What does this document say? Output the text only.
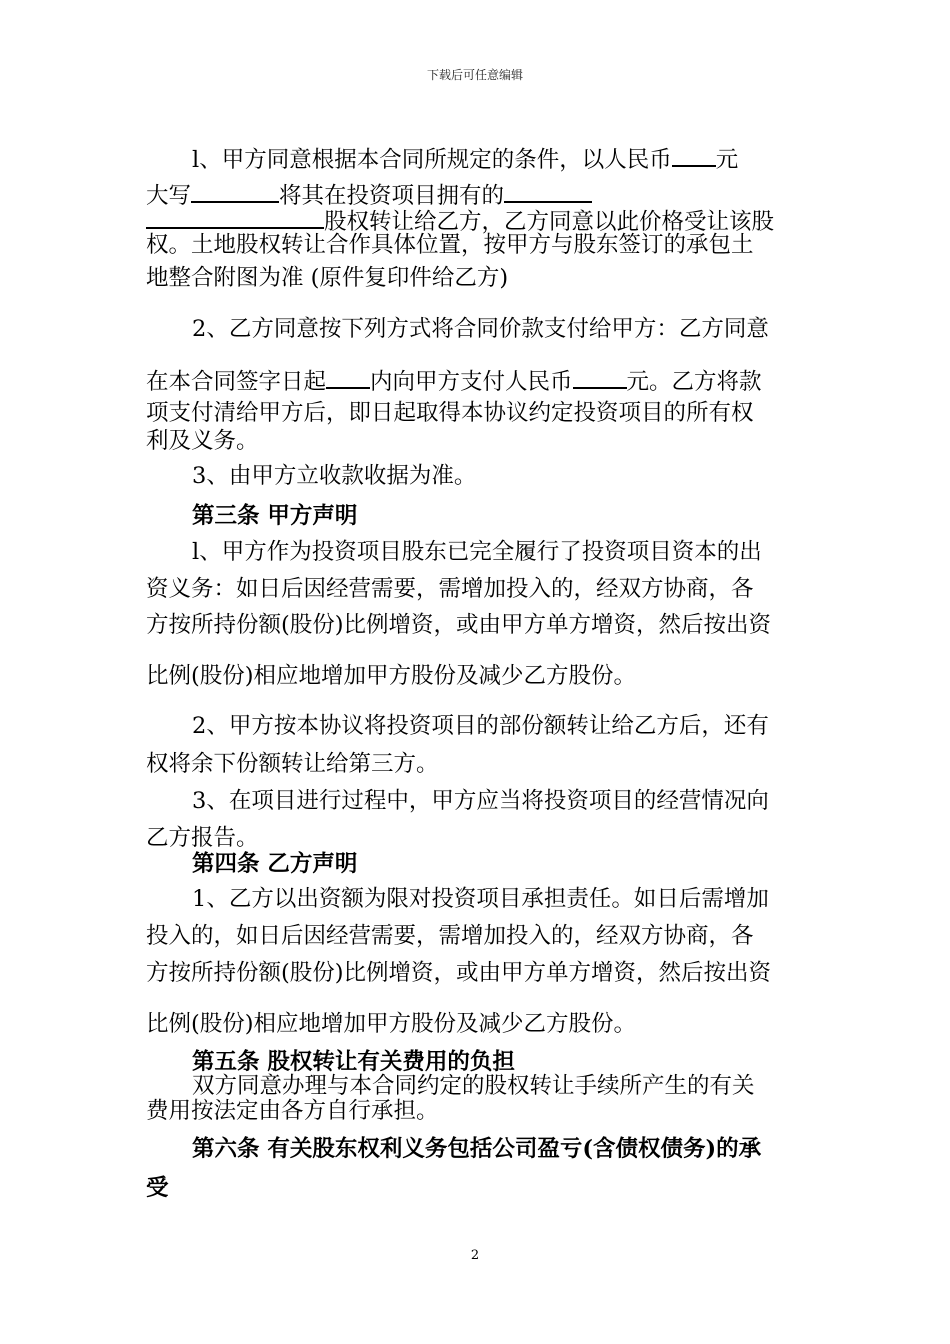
下载后可任意编辑
l、甲方同意根据本合同所规定的条件，以人民币 元
大写	将其在投资项目拥有的
股权转让给乙方，乙方同意以此价格受让该股
权。土地股权转让合作具体位置，按甲方与股东签订的承包土
地整合附图为准 (原件复印件给乙方)
2、乙方同意按下列方式将合同价款支付给甲方：乙方同意
在本合同签字日起 内向甲方支付人民币 元。乙方将款
项支付清给甲方后，即日起取得本协议约定投资项目的所有权
利及义务。
3、由甲方立收款收据为准。
第三条 甲方声明
l、甲方作为投资项目股东已完全履行了投资项目资本的出
资义务：如日后因经营需要，需增加投入的，经双方协商，各
方按所持份额(股份)比例增资，或由甲方单方增资，然后按出资
比例(股份)相应地增加甲方股份及减少乙方股份。
2、甲方按本协议将投资项目的部份额转让给乙方后，还有
权将余下份额转让给第三方。
3、在项目进行过程中，甲方应当将投资项目的经营情况向
乙方报告。
第四条 乙方声明
1、乙方以出资额为限对投资项目承担责任。如日后需增加
投入的，如日后因经营需要，需增加投入的，经双方协商，各
方按所持份额(股份)比例增资，或由甲方单方增资，然后按出资
比例(股份)相应地增加甲方股份及减少乙方股份。
第五条 股权转让有关费用的负担
双方同意办理与本合同约定的股权转让手续所产生的有关
费用按法定由各方自行承担。
第六条 有关股东权利义务包括公司盈亏(含债权债务)的承
受
2
